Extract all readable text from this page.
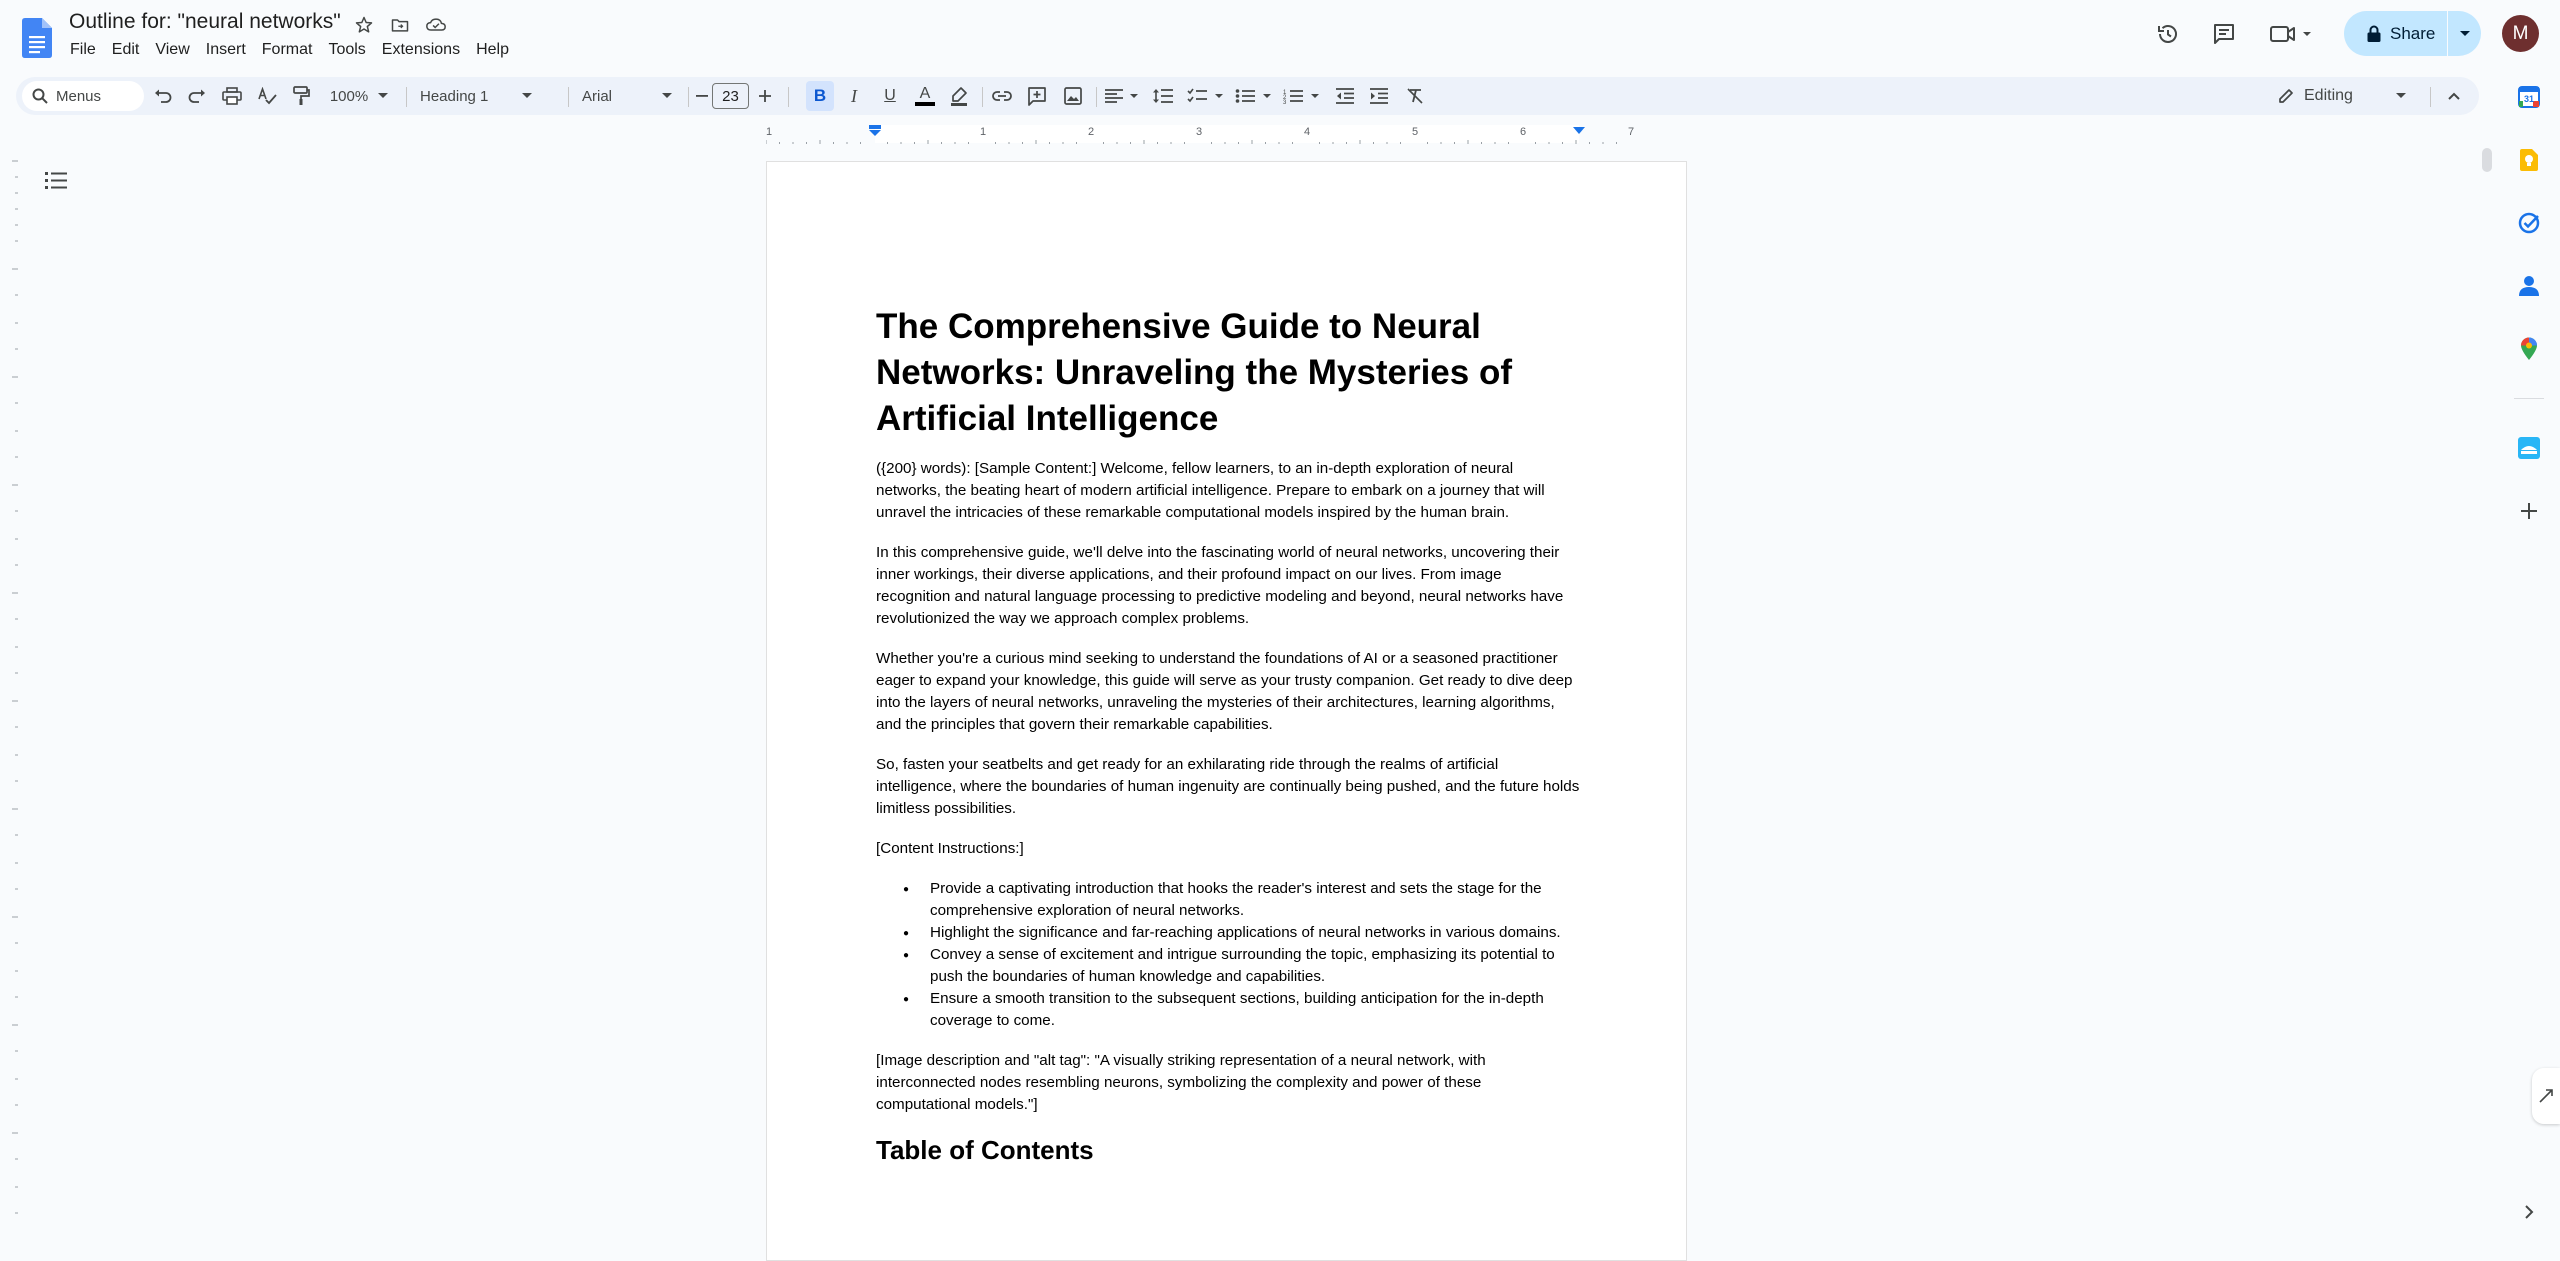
Outline for: "neural networks"
File	Edit	View	Insert	Format	Tools	Extensions	Help
Share	M
Menus	100%	Heading 1	Arial	23	B	I	U	A	1
2
3	Editing
1	1	2	3	4	5	6	7
The Comprehensive Guide to Neural Networks: Unraveling the Mysteries of Artificial Intelligence
({200} words): [Sample Content:] Welcome, fellow learners, to an in-depth exploration of neural networks, the beating heart of modern artificial intelligence. Prepare to embark on a journey that will unravel the intricacies of these remarkable computational models inspired by the human brain.
In this comprehensive guide, we'll delve into the fascinating world of neural networks, uncovering their inner workings, their diverse applications, and their profound impact on our lives. From image recognition and natural language processing to predictive modeling and beyond, neural networks have revolutionized the way we approach complex problems.
Whether you're a curious mind seeking to understand the foundations of AI or a seasoned practitioner eager to expand your knowledge, this guide will serve as your trusty companion. Get ready to dive deep into the layers of neural networks, unraveling the mysteries of their architectures, learning algorithms, and the principles that govern their remarkable capabilities.
So, fasten your seatbelts and get ready for an exhilarating ride through the realms of artificial intelligence, where the boundaries of human ingenuity are continually being pushed, and the future holds limitless possibilities.
[Content Instructions:]
● Provide a captivating introduction that hooks the reader's interest and sets the stage for the comprehensive exploration of neural networks.
● Highlight the significance and far-reaching applications of neural networks in various domains.
● Convey a sense of excitement and intrigue surrounding the topic, emphasizing its potential to push the boundaries of human knowledge and capabilities.
● Ensure a smooth transition to the subsequent sections, building anticipation for the in-depth coverage to come.
[Image description and "alt tag": "A visually striking representation of a neural network, with interconnected nodes resembling neurons, symbolizing the complexity and power of these computational models."]
Table of Contents
31
